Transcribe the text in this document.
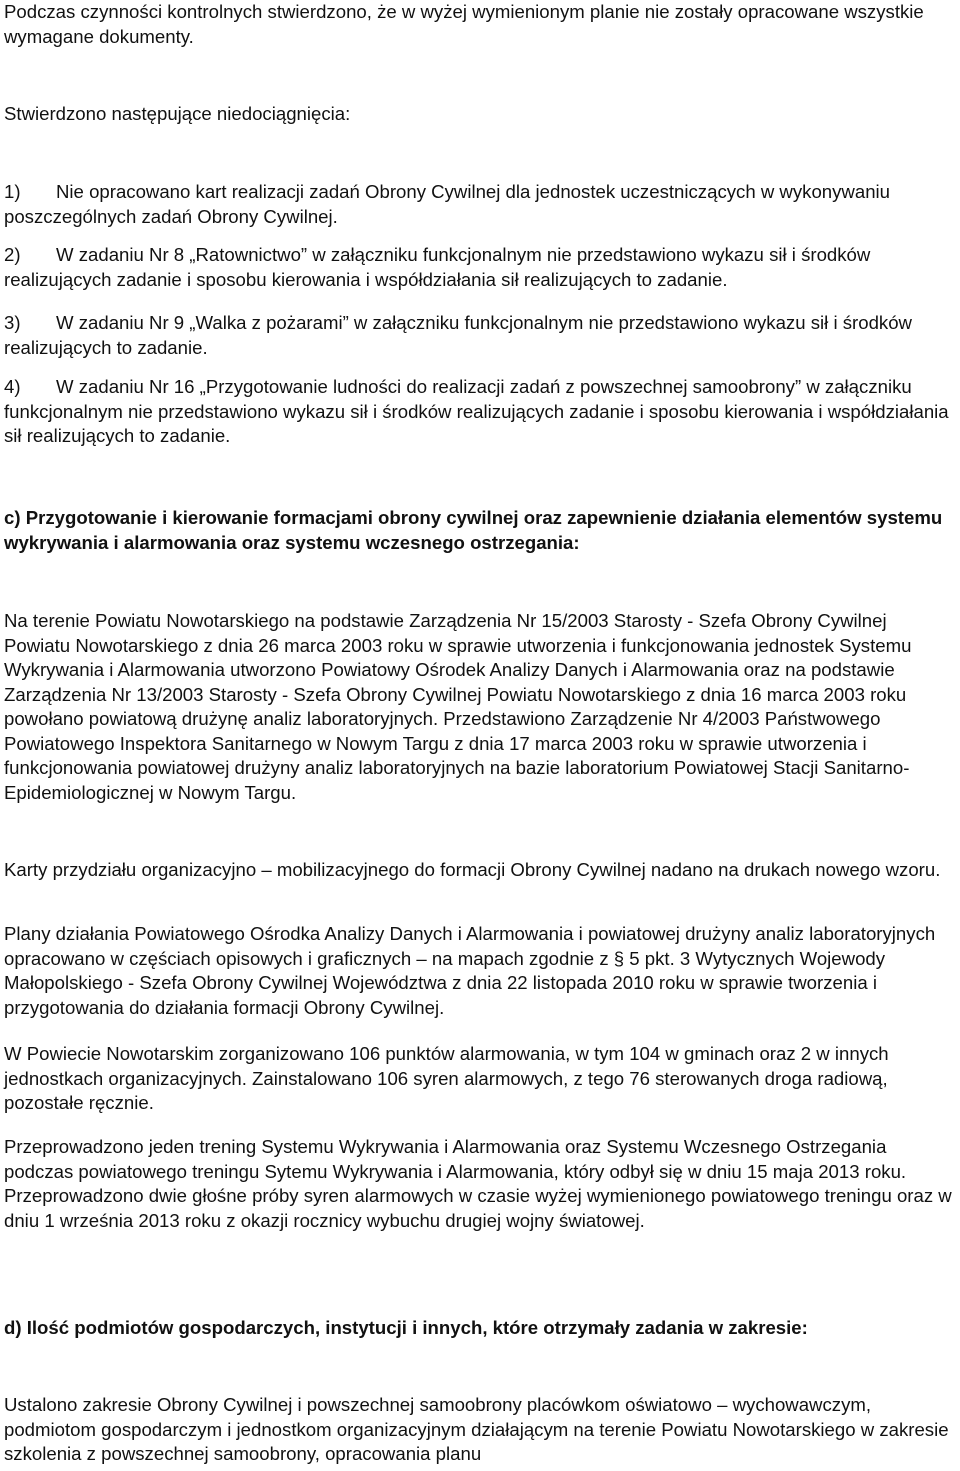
Podczas czynności kontrolnych stwierdzono, że w wyżej wymienionym planie nie zostały opracowane wszystkie wymagane dokumenty.

Stwierdzono następujące niedociągnięcia:

1) Nie opracowano kart realizacji zadań Obrony Cywilnej dla jednostek uczestniczących w wykonywaniu poszczególnych zadań Obrony Cywilnej.

2) W zadaniu Nr 8 „Ratownictwo” w załączniku funkcjonalnym nie przedstawiono wykazu sił i środków realizujących zadanie i sposobu kierowania i współdziałania sił realizujących to zadanie.

3) W zadaniu Nr 9 „Walka z pożarami” w załączniku funkcjonalnym nie przedstawiono wykazu sił i środków realizujących to zadanie.

4) W zadaniu Nr 16 „Przygotowanie ludności do realizacji zadań z powszechnej samoobrony” w załączniku funkcjonalnym nie przedstawiono wykazu sił i środków realizujących zadanie i sposobu kierowania i współdziałania sił realizujących to zadanie.

c) Przygotowanie i kierowanie formacjami obrony cywilnej oraz zapewnienie działania elementów systemu wykrywania i alarmowania oraz systemu wczesnego ostrzegania:

Na terenie Powiatu Nowotarskiego na podstawie Zarządzenia Nr 15/2003 Starosty - Szefa Obrony Cywilnej Powiatu Nowotarskiego z dnia 26 marca 2003 roku w sprawie utworzenia i funkcjonowania jednostek Systemu Wykrywania i Alarmowania utworzono Powiatowy Ośrodek Analizy Danych i Alarmowania oraz na podstawie Zarządzenia Nr 13/2003 Starosty - Szefa Obrony Cywilnej Powiatu Nowotarskiego z dnia 16 marca 2003 roku powołano powiatową drużynę analiz laboratoryjnych. Przedstawiono Zarządzenie Nr 4/2003 Państwowego Powiatowego Inspektora Sanitarnego w Nowym Targu z dnia 17 marca 2003 roku w sprawie utworzenia i funkcjonowania powiatowej drużyny analiz laboratoryjnych na bazie laboratorium Powiatowej Stacji Sanitarno-Epidemiologicznej w Nowym Targu.

Karty przydziału organizacyjno – mobilizacyjnego do formacji Obrony Cywilnej nadano na drukach nowego wzoru.

Plany działania Powiatowego Ośrodka Analizy Danych i Alarmowania i powiatowej drużyny analiz laboratoryjnych opracowano w częściach opisowych i graficznych – na mapach zgodnie z § 5 pkt. 3 Wytycznych Wojewody Małopolskiego - Szefa Obrony Cywilnej Województwa z dnia 22 listopada 2010 roku w sprawie tworzenia i przygotowania do działania formacji Obrony Cywilnej.

W Powiecie Nowotarskim zorganizowano 106 punktów alarmowania, w tym 104 w gminach oraz 2 w innych jednostkach organizacyjnych. Zainstalowano 106 syren alarmowych, z tego 76 sterowanych droga radiową, pozostałe ręcznie.

Przeprowadzono jeden trening Systemu Wykrywania i Alarmowania oraz Systemu Wczesnego Ostrzegania podczas powiatowego treningu Sytemu Wykrywania i Alarmowania, który odbył się w dniu 15 maja 2013 roku. Przeprowadzono dwie głośne próby syren alarmowych w czasie wyżej wymienionego powiatowego treningu oraz w dniu 1 września 2013 roku z okazji rocznicy wybuchu drugiej wojny światowej.

d) Ilość podmiotów gospodarczych, instytucji i innych, które otrzymały zadania w zakresie:

Ustalono zakresie Obrony Cywilnej i powszechnej samoobrony placówkom oświatowo – wychowawczym, podmiotom gospodarczym i jednostkom organizacyjnym działającym na terenie Powiatu Nowotarskiego w zakresie szkolenia z powszechnej samoobrony, opracowania planu
